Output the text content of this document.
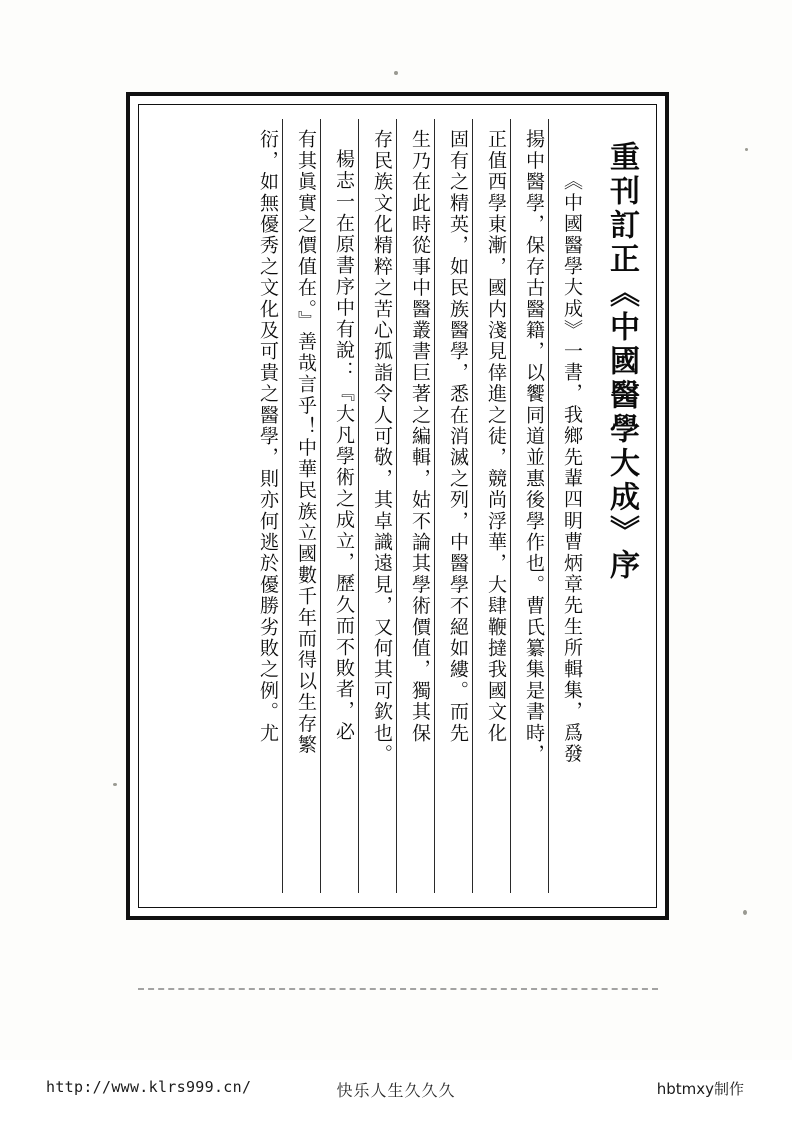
重刊訂正《中國醫學大成》序
《中國醫學大成》一書，我鄉先輩四眀曹炳章先生所輯集，爲發
揚中醫學，保存古醫籍，以饗同道並惠後學作也。曹氏纂集是書時，
正值西學東漸，國内淺見倖進之徒，競尚浮華，大肆鞭撻我國文化
固有之精英，如民族醫學，悉在消滅之列，中醫學不絕如縷。而先
生乃在此時從事中醫叢書巨著之編輯，姑不論其學術價值，獨其保
存民族文化精粹之苦心孤詣令人可敬，其卓識遠見，又何其可欽也。
楊志一在原書序中有說：『大凡學術之成立，歷久而不敗者，必
有其眞實之價值在。』善哉言乎！中華民族立國數千年而得以生存繁
衍，如無優秀之文化及可貴之醫學，則亦何逃於優勝劣敗之例。尤
http://www.klrs999.cn/	快乐人生久久久	hbtmxy制作
